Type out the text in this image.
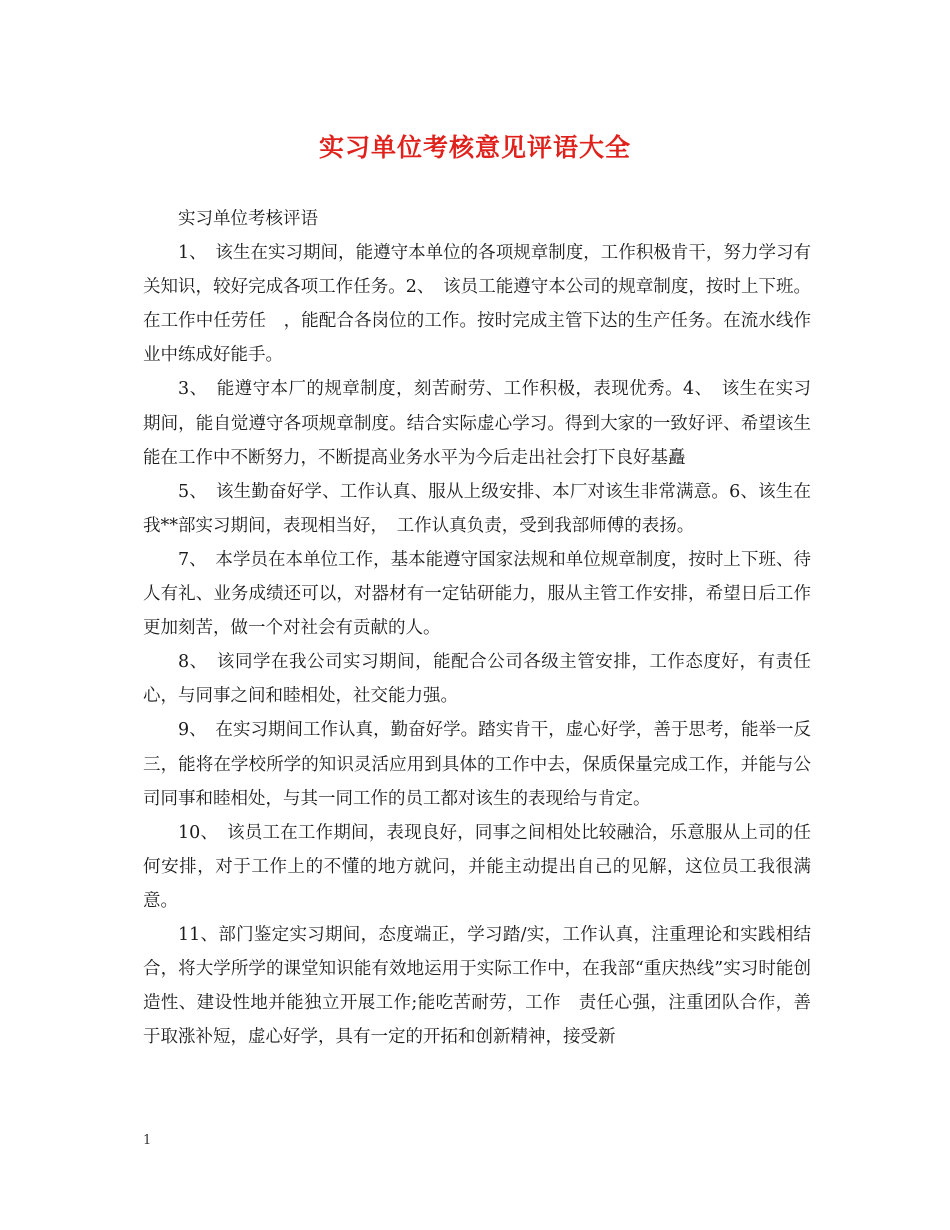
实习单位考核意见评语大全

实习单位考核评语

1、　该生在实习期间，能遵守本单位的各项规章制度，工作积极肯干，努力学习有关知识，较好完成各项工作任务。2、　该员工能遵守本公司的规章制度，按时上下班。在工作中任劳任　，能配合各岗位的工作。按时完成主管下达的生产任务。在流水线作业中练成好能手。

3、　能遵守本厂的规章制度，刻苦耐劳、工作积极，表现优秀。4、　该生在实习期间，能自觉遵守各项规章制度。结合实际虚心学习。得到大家的一致好评、希望该生能在工作中不断努力，不断提高业务水平为今后走出社会打下良好基矗

5、　该生勤奋好学、工作认真、服从上级安排、本厂对该生非常满意。6、该生在我**部实习期间，表现相当好，　工作认真负责，受到我部师傅的表扬。

7、　本学员在本单位工作，基本能遵守国家法规和单位规章制度，按时上下班、待人有礼、业务成绩还可以，对器材有一定钻研能力，服从主管工作安排，希望日后工作更加刻苦，做一个对社会有贡献的人。

8、　该同学在我公司实习期间，能配合公司各级主管安排，工作态度好，有责任心，与同事之间和睦相处，社交能力强。

9、　在实习期间工作认真，勤奋好学。踏实肯干，虚心好学，善于思考，能举一反三，能将在学校所学的知识灵活应用到具体的工作中去，保质保量完成工作，并能与公司同事和睦相处，与其一同工作的员工都对该生的表现给与肯定。

10、　该员工在工作期间，表现良好，同事之间相处比较融洽，乐意服从上司的任何安排，对于工作上的不懂的地方就问，并能主动提出自己的见解，这位员工我很满意。

11、部门鉴定实习期间，态度端正，学习踏/实，工作认真，注重理论和实践相结合，将大学所学的课堂知识能有效地运用于实际工作中，在我部“重庆热线”实习时能创造性、建设性地并能独立开展工作;能吃苦耐劳，工作　责任心强，注重团队合作，善于取涨补短，虚心好学，具有一定的开拓和创新精神，接受新

1
